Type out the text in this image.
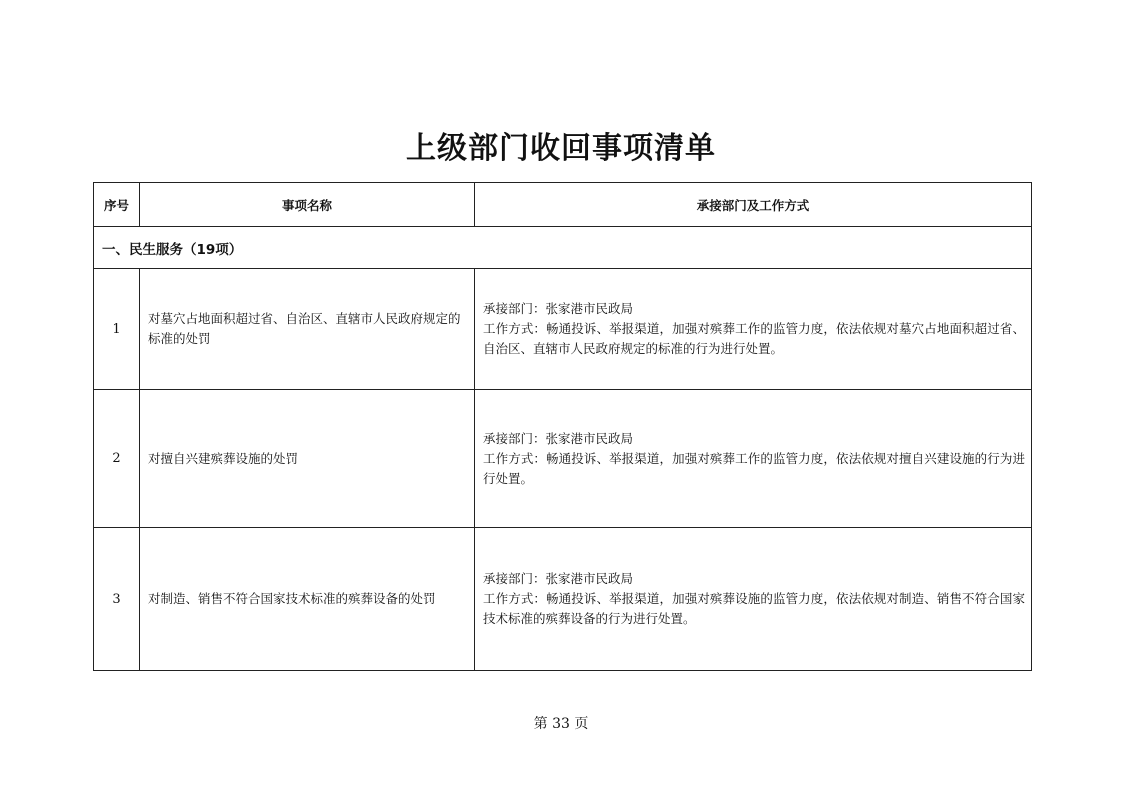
上级部门收回事项清单
序号	事项名称	承接部门及工作方式
一、民生服务（19项）		
1	对墓穴占地面积超过省、自治区、直辖市人民政府规定的标准的处罚	承接部门：张家港市民政局
工作方式：畅通投诉、举报渠道，加强对殡葬工作的监管力度，依法依规对墓穴占地面积超过省、自治区、直辖市人民政府规定的标准的行为进行处置。

2	对擅自兴建殡葬设施的处罚	承接部门：张家港市民政局
工作方式：畅通投诉、举报渠道，加强对殡葬工作的监管力度，依法依规对擅自兴建设施的行为进行处置。

3	对制造、销售不符合国家技术标准的殡葬设备的处罚	承接部门：张家港市民政局
工作方式：畅通投诉、举报渠道，加强对殡葬设施的监管力度，依法依规对制造、销售不符合国家技术标准的殡葬设备的行为进行处置。
第 33 页
